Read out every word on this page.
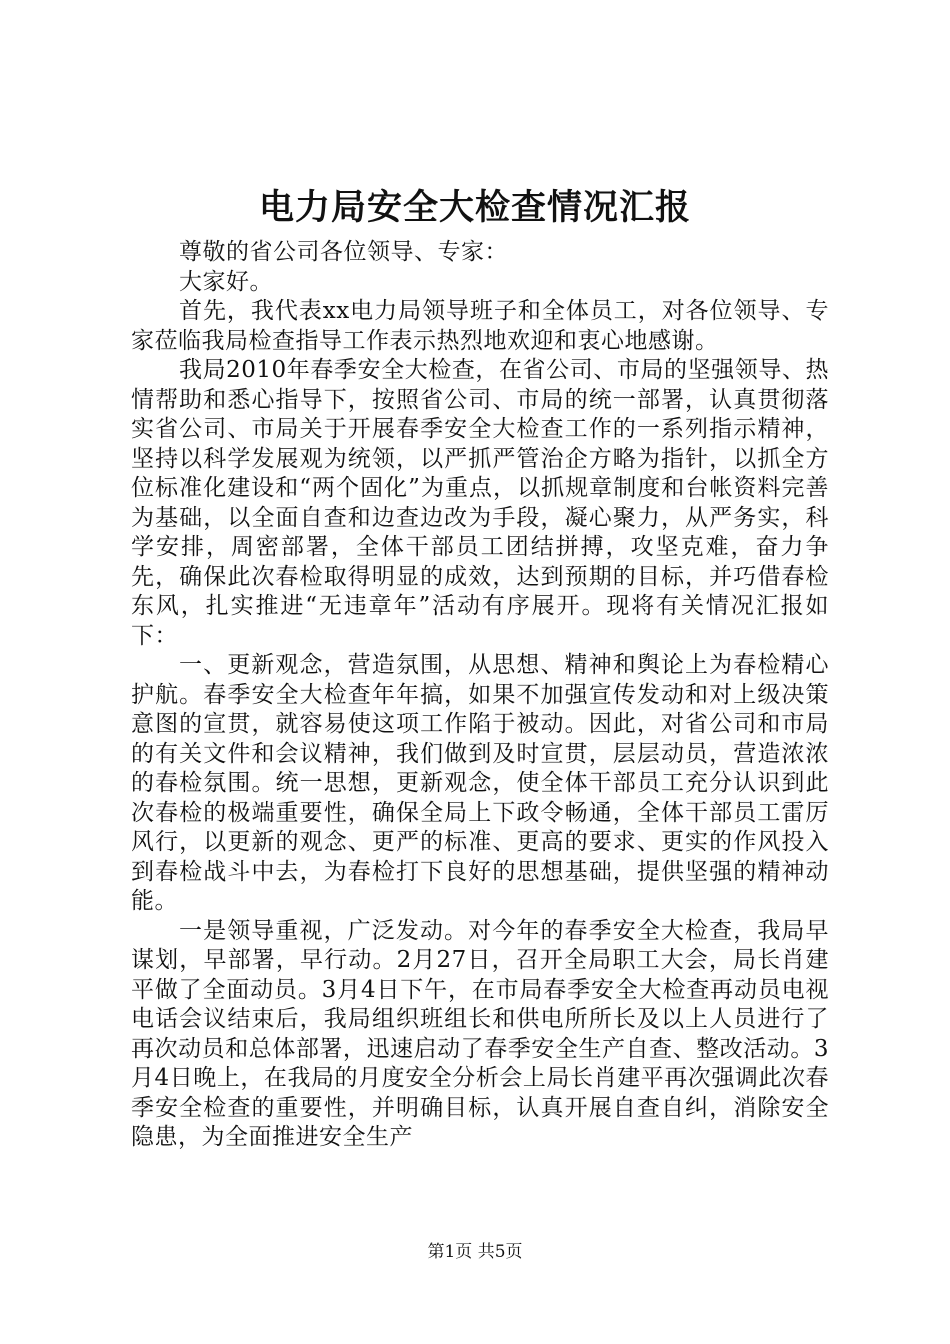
电力局安全大检查情况汇报

尊敬的省公司各位领导、专家：

大家好。

首先，我代表xx电力局领导班子和全体员工，对各位领导、专家莅临我局检查指导工作表示热烈地欢迎和衷心地感谢。

我局2010年春季安全大检查，在省公司、市局的坚强领导、热情帮助和悉心指导下，按照省公司、市局的统一部署，认真贯彻落实省公司、市局关于开展春季安全大检查工作的一系列指示精神，坚持以科学发展观为统领，以严抓严管治企方略为指针，以抓全方位标准化建设和“两个固化”为重点，以抓规章制度和台帐资料完善为基础，以全面自查和边查边改为手段，凝心聚力，从严务实，科学安排，周密部署，全体干部员工团结拼搏，攻坚克难，奋力争先，确保此次春检取得明显的成效，达到预期的目标，并巧借春检东风，扎实推进“无违章年”活动有序展开。现将有关情况汇报如下：

一、更新观念，营造氛围，从思想、精神和舆论上为春检精心护航。春季安全大检查年年搞，如果不加强宣传发动和对上级决策意图的宣贯，就容易使这项工作陷于被动。因此，对省公司和市局的有关文件和会议精神，我们做到及时宣贯，层层动员，营造浓浓的春检氛围。统一思想，更新观念，使全体干部员工充分认识到此次春检的极端重要性，确保全局上下政令畅通，全体干部员工雷厉风行，以更新的观念、更严的标准、更高的要求、更实的作风投入到春检战斗中去，为春检打下良好的思想基础，提供坚强的精神动能。

一是领导重视，广泛发动。对今年的春季安全大检查，我局早谋划，早部署，早行动。2月27日，召开全局职工大会，局长肖建平做了全面动员。3月4日下午，在市局春季安全大检查再动员电视电话会议结束后，我局组织班组长和供电所所长及以上人员进行了再次动员和总体部署，迅速启动了春季安全生产自查、整改活动。3月4日晚上，在我局的月度安全分析会上局长肖建平再次强调此次春季安全检查的重要性，并明确目标，认真开展自查自纠，消除安全隐患，为全面推进安全生产

第1页 共5页
